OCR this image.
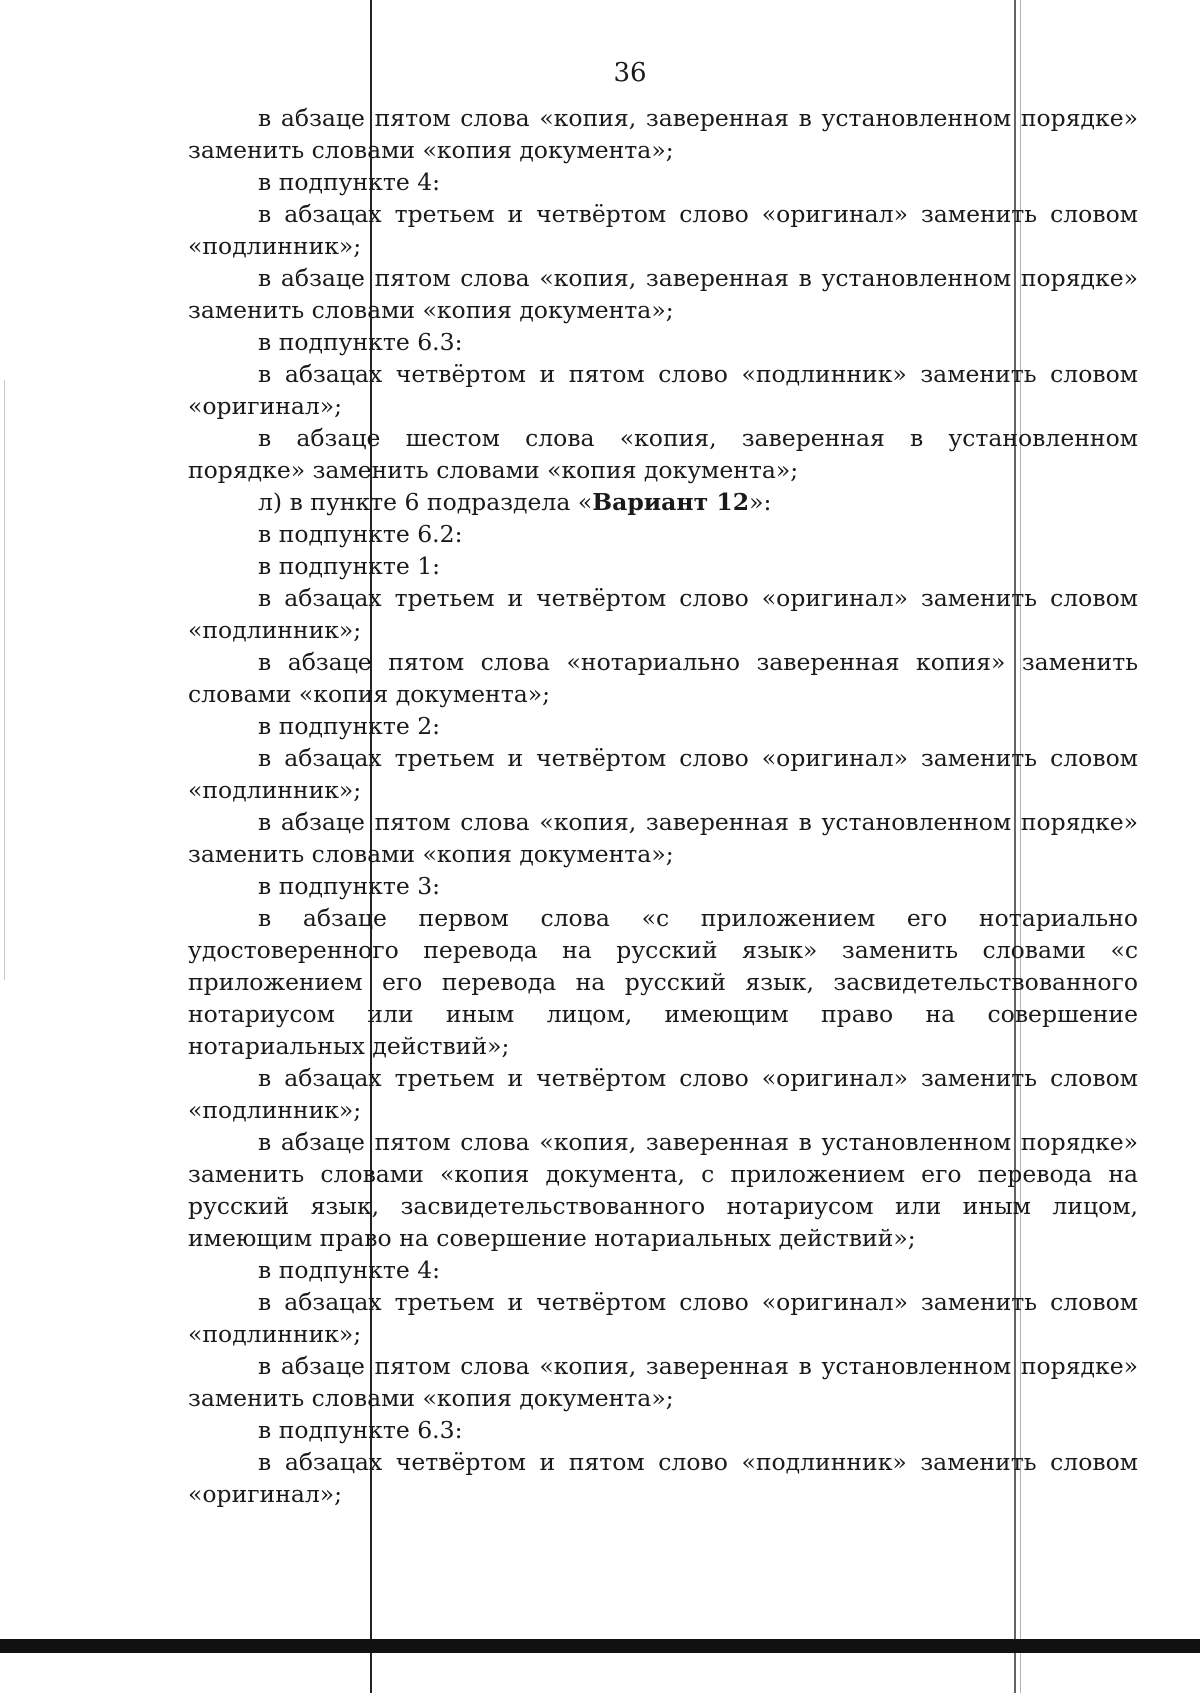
36

в абзаце пятом слова «копия, заверенная в установленном порядке» заменить словами «копия документа»;

в подпункте 4:

в абзацах третьем и четвёртом слово «оригинал» заменить словом «подлинник»;

в абзаце пятом слова «копия, заверенная в установленном порядке» заменить словами «копия документа»;

в подпункте 6.3:

в абзацах четвёртом и пятом слово «подлинник» заменить словом «оригинал»;

в абзаце шестом слова «копия, заверенная в установленном порядке» заменить словами «копия документа»;

л) в пункте 6 подраздела «Вариант 12»:

в подпункте 6.2:

в подпункте 1:

в абзацах третьем и четвёртом слово «оригинал» заменить словом «подлинник»;

в абзаце пятом слова «нотариально заверенная копия» заменить словами «копия документа»;

в подпункте 2:

в абзацах третьем и четвёртом слово «оригинал» заменить словом «подлинник»;

в абзаце пятом слова «копия, заверенная в установленном порядке» заменить словами «копия документа»;

в подпункте 3:

в абзаце первом слова «с приложением его нотариально удостоверенного перевода на русский язык» заменить словами «с приложением его перевода на русский язык, засвидетельствованного нотариусом или иным лицом, имеющим право на совершение нотариальных действий»;

в абзацах третьем и четвёртом слово «оригинал» заменить словом «подлинник»;

в абзаце пятом слова «копия, заверенная в установленном порядке» заменить словами «копия документа, с приложением его перевода на русский язык, засвидетельствованного нотариусом или иным лицом, имеющим право на совершение нотариальных действий»;

в подпункте 4:

в абзацах третьем и четвёртом слово «оригинал» заменить словом «подлинник»;

в абзаце пятом слова «копия, заверенная в установленном порядке» заменить словами «копия документа»;

в подпункте 6.3:

в абзацах четвёртом и пятом слово «подлинник» заменить словом «оригинал»;
